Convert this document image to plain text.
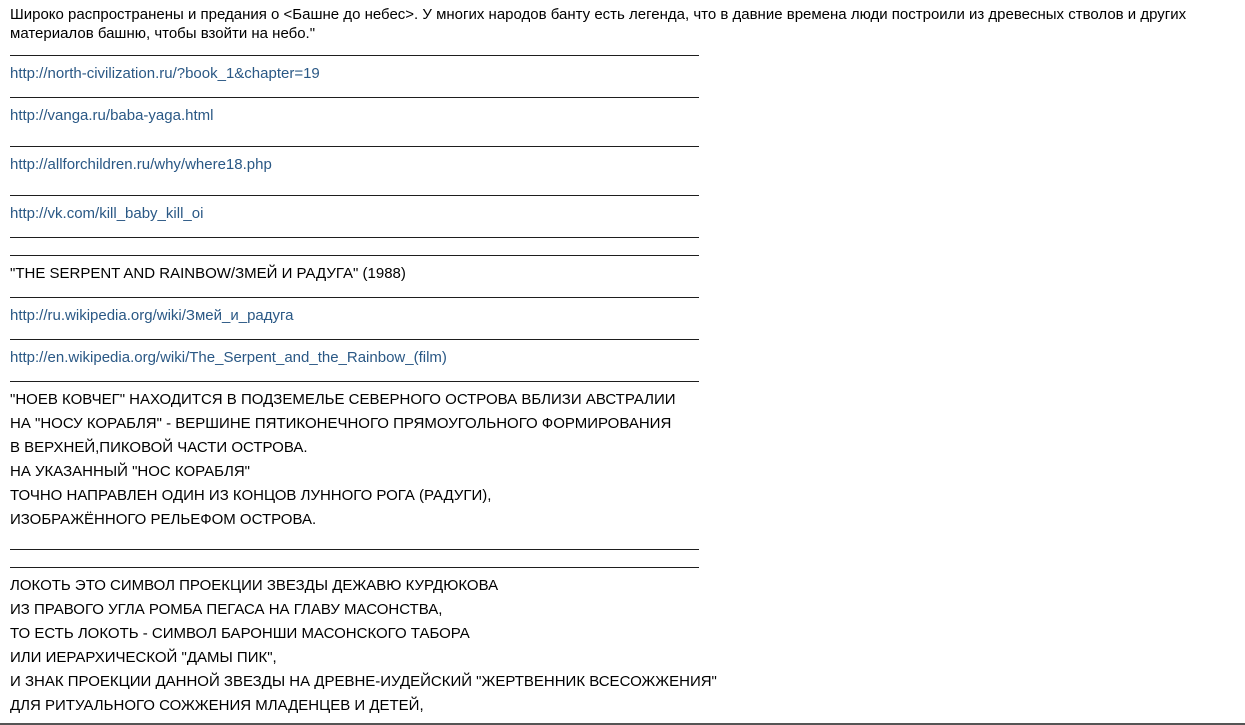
Широко распространены и предания о <Башне до небес>. У многих народов банту есть легенда, что в давние времена люди построили из древесных стволов и других материалов башню, чтобы взойти на небо."
http://north-civilization.ru/?book_1&chapter=19
http://vanga.ru/baba-yaga.html
http://allforchildren.ru/why/where18.php
http://vk.com/kill_baby_kill_oi
"THE SERPENT AND RAINBOW/ЗМЕЙ И РАДУГА" (1988)
http://ru.wikipedia.org/wiki/Змей_и_радуга
http://en.wikipedia.org/wiki/The_Serpent_and_the_Rainbow_(film)
"НОЕВ КОВЧЕГ" НАХОДИТСЯ В ПОДЗЕМЕЛЬЕ СЕВЕРНОГО ОСТРОВА ВБЛИЗИ АВСТРАЛИИ
НА "НОСУ КОРАБЛЯ" - ВЕРШИНЕ ПЯТИКОНЕЧНОГО ПРЯМОУГОЛЬНОГО ФОРМИРОВАНИЯ
В ВЕРХНЕЙ,ПИКОВОЙ ЧАСТИ ОСТРОВА.
НА УКАЗАННЫЙ "НОС КОРАБЛЯ"
ТОЧНО НАПРАВЛЕН ОДИН ИЗ КОНЦОВ ЛУННОГО РОГА (РАДУГИ),
ИЗОБРАЖЁННОГО РЕЛЬЕФОМ ОСТРОВА.
ЛОКОТЬ ЭТО СИМВОЛ ПРОЕКЦИИ ЗВЕЗДЫ ДЕЖАВЮ КУРДЮКОВА
ИЗ ПРАВОГО УГЛА РОМБА ПЕГАСА НА ГЛАВУ МАСОНСТВА,
ТО ЕСТЬ ЛОКОТЬ - СИМВОЛ БАРОНШИ МАСОНСКОГО ТАБОРА
ИЛИ ИЕРАРХИЧЕСКОЙ "ДАМЫ ПИК",
И ЗНАК ПРОЕКЦИИ ДАННОЙ ЗВЕЗДЫ НА ДРЕВНЕ-ИУДЕЙСКИЙ "ЖЕРТВЕННИК ВСЕСОЖЖЕНИЯ"
ДЛЯ РИТУАЛЬНОГО СОЖЖЕНИЯ МЛАДЕНЦЕВ И ДЕТЕЙ,
